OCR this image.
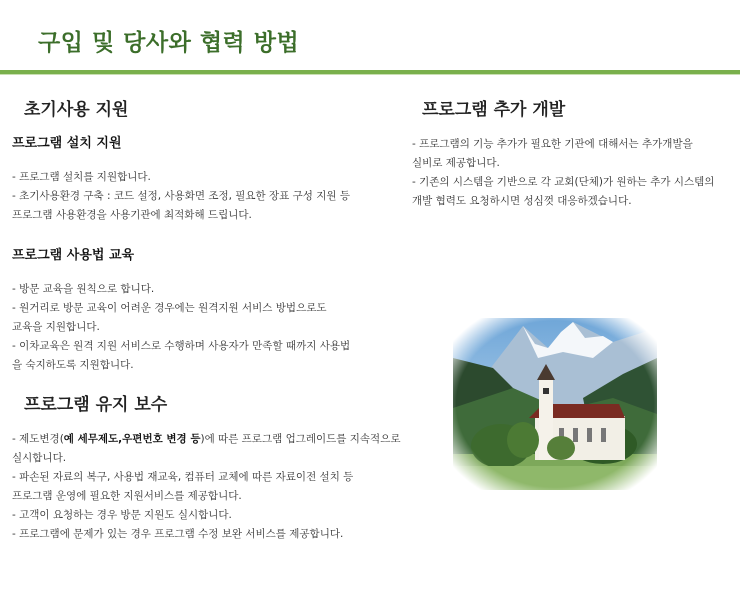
구입 및 당사와 협력 방법
초기사용 지원
프로그램 설치 지원
- 프로그램 설치를 지원합니다.
- 초기사용환경 구축 : 코드 설정, 사용화면 조정, 필요한 장표 구성 지원 등
프로그램 사용환경을 사용기관에 최적화해 드립니다.
프로그램 사용법 교육
- 방문 교육을 원칙으로 합니다.
- 원거리로 방문 교육이 어려운 경우에는 원격지원 서비스 방법으로도
교육을 지원합니다.
- 이차교육은 원격 지원 서비스로 수행하며 사용자가 만족할 때까지 사용법
을 숙지하도록 지원합니다.
프로그램 유지 보수
- 제도변경(예 세무제도,우편번호 변경 등)에 따른 프로그램 업그레이드를 지속적으로
실시합니다.
- 파손된 자료의 복구, 사용법 재교육, 컴퓨터 교체에 따른 자료이전 설치 등
프로그램 운영에 필요한 지원서비스를 제공합니다.
- 고객이 요청하는 경우 방문 지원도 실시합니다.
- 프로그램에 문제가 있는 경우 프로그램 수정 보완 서비스를 제공합니다.
프로그램 추가 개발
- 프로그램의 기능 추가가 필요한 기관에 대해서는 추가개발을
실비로 제공합니다.
- 기존의 시스템을 기반으로 각 교회(단체)가 원하는 추가 시스템의
개발 협력도 요청하시면 성심껏 대응하겠습니다.
